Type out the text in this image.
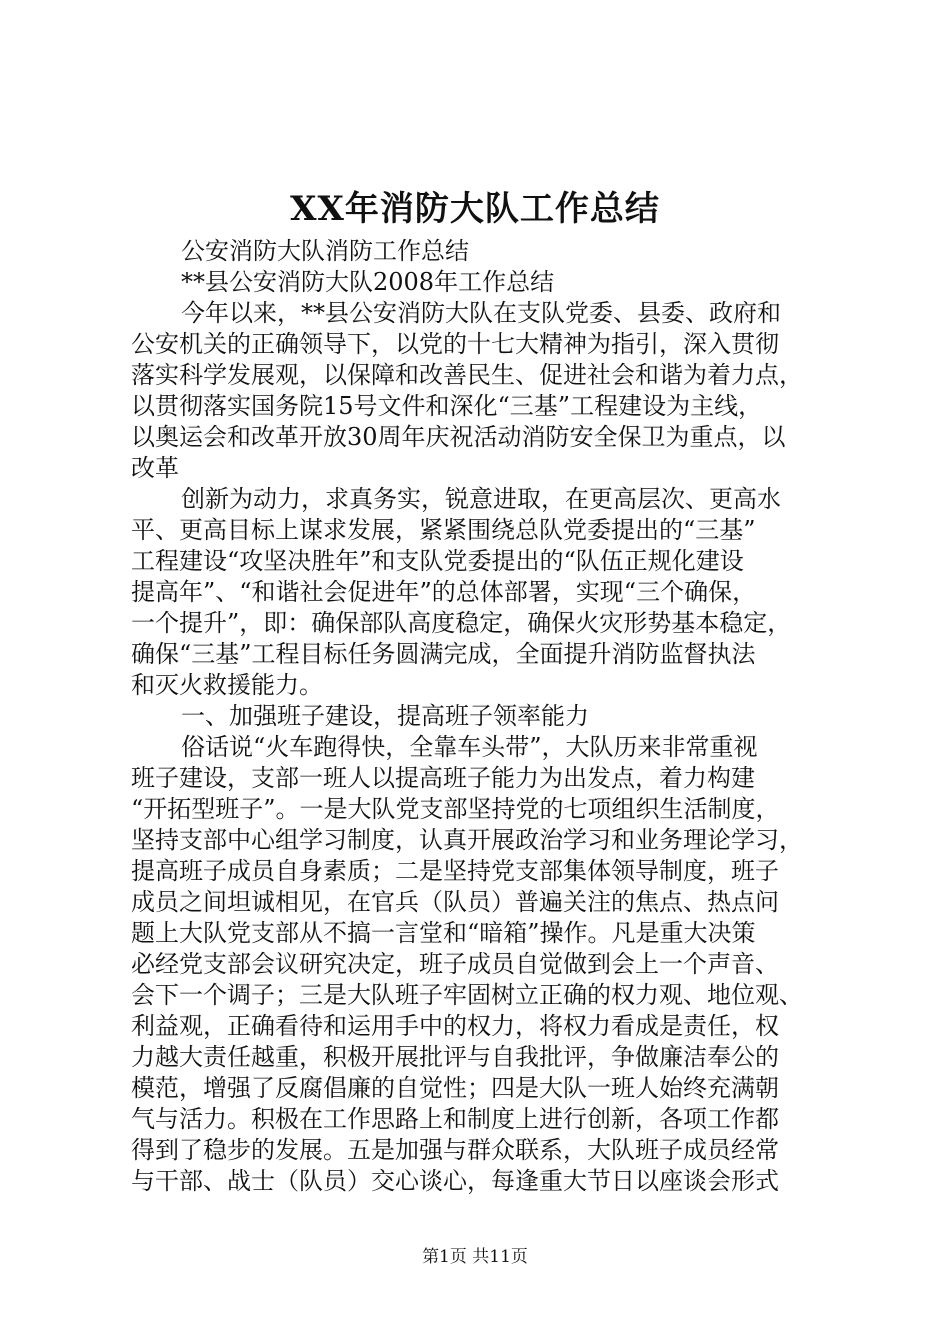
XX年消防大队工作总结
公安消防大队消防工作总结
**县公安消防大队2008年工作总结
今年以来，**县公安消防大队在支队党委、县委、政府和
公安机关的正确领导下，以党的十七大精神为指引，深入贯彻
落实科学发展观，以保障和改善民生、促进社会和谐为着力点，
以贯彻落实国务院15号文件和深化“三基”工程建设为主线，
以奥运会和改革开放30周年庆祝活动消防安全保卫为重点，以
改革
创新为动力，求真务实，锐意进取，在更高层次、更高水
平、更高目标上谋求发展，紧紧围绕总队党委提出的“三基”
工程建设“攻坚决胜年”和支队党委提出的“队伍正规化建设
提高年”、“和谐社会促进年”的总体部署，实现“三个确保，
一个提升”，即：确保部队高度稳定，确保火灾形势基本稳定，
确保“三基”工程目标任务圆满完成，全面提升消防监督执法
和灭火救援能力。
一、加强班子建设，提高班子领率能力
俗话说“火车跑得快，全靠车头带”，大队历来非常重视
班子建设，支部一班人以提高班子能力为出发点，着力构建
“开拓型班子”。一是大队党支部坚持党的七项组织生活制度，
坚持支部中心组学习制度，认真开展政治学习和业务理论学习，
提高班子成员自身素质；二是坚持党支部集体领导制度，班子
成员之间坦诚相见，在官兵（队员）普遍关注的焦点、热点问
题上大队党支部从不搞一言堂和“暗箱”操作。凡是重大决策
必经党支部会议研究决定，班子成员自觉做到会上一个声音、
会下一个调子；三是大队班子牢固树立正确的权力观、地位观、
利益观，正确看待和运用手中的权力，将权力看成是责任，权
力越大责任越重，积极开展批评与自我批评，争做廉洁奉公的
模范，增强了反腐倡廉的自觉性；四是大队一班人始终充满朝
气与活力。积极在工作思路上和制度上进行创新，各项工作都
得到了稳步的发展。五是加强与群众联系，大队班子成员经常
与干部、战士（队员）交心谈心，每逢重大节日以座谈会形式
第1页 共11页
